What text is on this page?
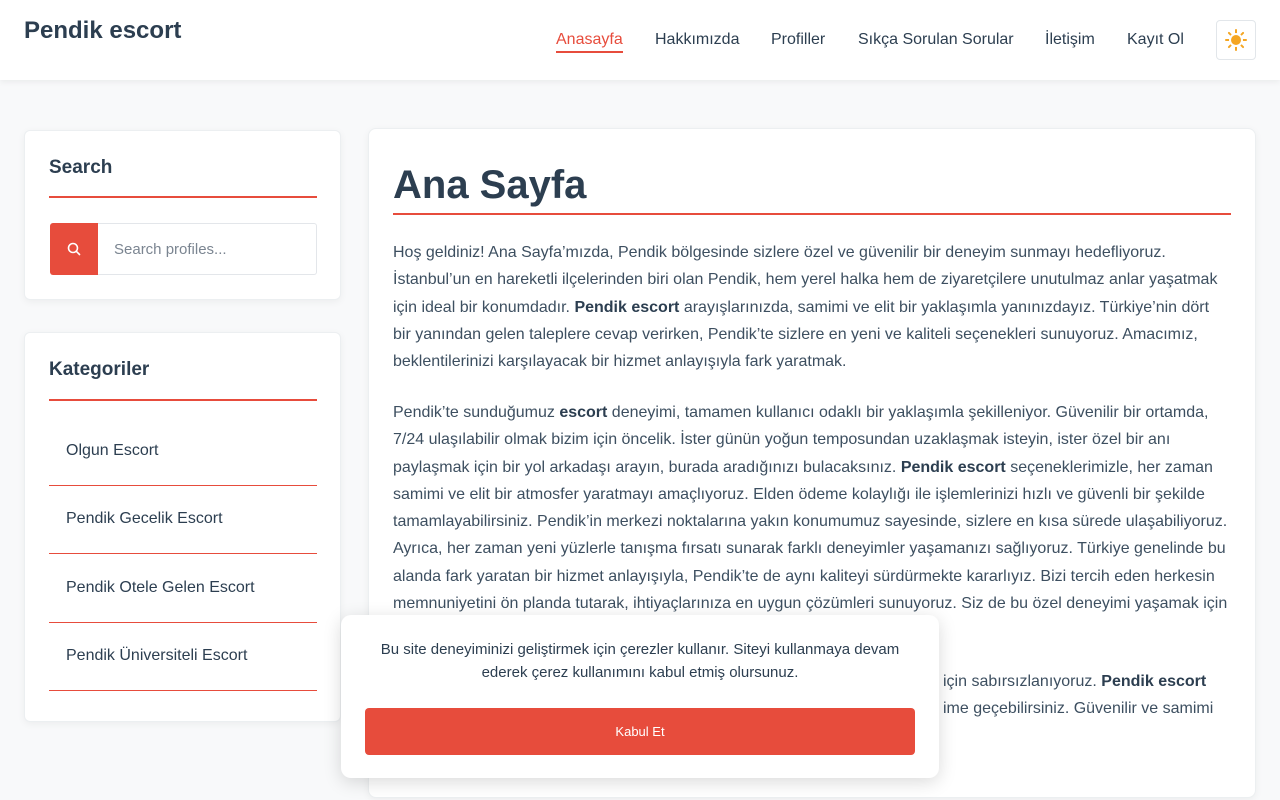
Pendik escort	Anasayfa Hakkımızda Profiller Sıkça Sorulan Sorular İletişim Kayıt Ol
Search
Search profiles...
Kategoriler
Olgun Escort
Pendik Gecelik Escort
Pendik Otele Gelen Escort
Pendik Üniversiteli Escort
Ana Sayfa

Hoş geldiniz! Ana Sayfa’mızda, Pendik bölgesinde sizlere özel ve güvenilir bir deneyim sunmayı hedefliyoruz. İstanbul’un en hareketli ilçelerinden biri olan Pendik, hem yerel halka hem de ziyaretçilere unutulmaz anlar yaşatmak için ideal bir konumdadır. Pendik escort arayışlarınızda, samimi ve elit bir yaklaşımla yanınızdayız. Türkiye’nin dört bir yanından gelen taleplere cevap verirken, Pendik’te sizlere en yeni ve kaliteli seçenekleri sunuyoruz. Amacımız, beklentilerinizi karşılayacak bir hizmet anlayışıyla fark yaratmak.

Pendik’te sunduğumuz escort deneyimi, tamamen kullanıcı odaklı bir yaklaşımla şekilleniyor. Güvenilir bir ortamda, 7/24 ulaşılabilir olmak bizim için öncelik. İster günün yoğun temposundan uzaklaşmak isteyin, ister özel bir anı paylaşmak için bir yol arkadaşı arayın, burada aradığınızı bulacaksınız. Pendik escort seçeneklerimizle, her zaman samimi ve elit bir atmosfer yaratmayı amaçlıyoruz. Elden ödeme kolaylığı ile işlemlerinizi hızlı ve güvenli bir şekilde tamamlayabilirsiniz. Pendik’in merkezi noktalarına yakın konumumuz sayesinde, sizlere en kısa sürede ulaşabiliyoruz. Ayrıca, her zaman yeni yüzlerle tanışma fırsatı sunarak farklı deneyimler yaşamanızı sağlıyoruz. Türkiye genelinde bu alanda fark yaratan bir hizmet anlayışıyla, Pendik’te de aynı kaliteyi sürdürmekte kararlıyız. Bizi tercih eden herkesin memnuniyetini ön planda tutarak, ihtiyaçlarınıza en uygun çözümleri sunuyoruz. Siz de bu özel deneyimi yaşamak için

için sabırsızlanıyoruz. Pendik escort

ime geçebilirsiniz. Güvenilir ve samimi

Bu site deneyiminizi geliştirmek için çerezler kullanır. Siteyi kullanmaya devam ederek çerez kullanımını kabul etmiş olursunuz.

Kabul Et
